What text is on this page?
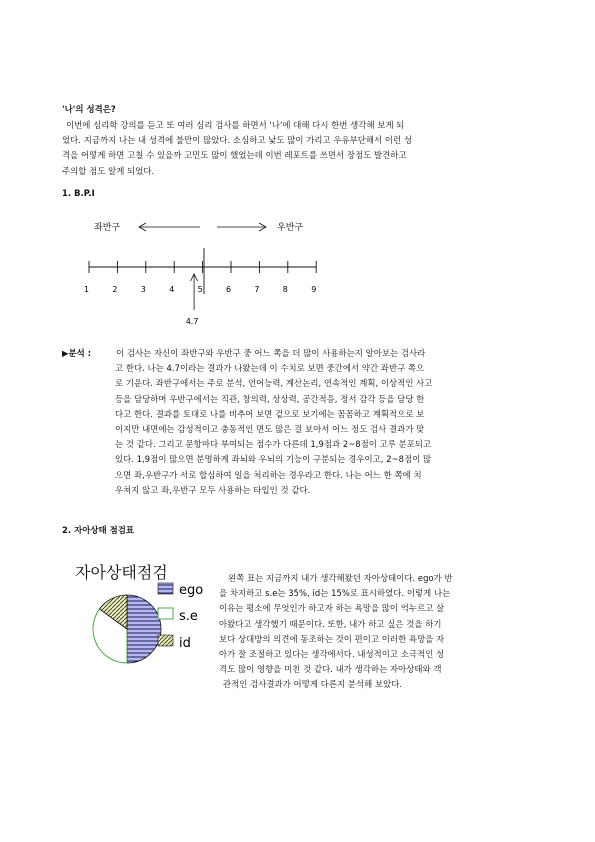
'나'의 성격은?
이번에 심리학 강의를 듣고 또 여러 심리 검사를 하면서 '나'에 대해 다시 한번 생각해 보게 되
었다. 지금까지 나는 내 성격에 불만이 많았다. 소심하고 낯도 많이 가리고 우유부단해서 이런 성
격을 어떻게 하면 고칠 수 있을까 고민도 많이 했었는데 이번 레포트를 쓰면서 장점도 발견하고
주의할 점도 알게 되었다.
1. B.P.I
좌반구	우반구
1	2	3	4	5	6	7	8	9
4.7
▶분석 :	이 검사는 자신이 좌반구와 우반구 중 어느 쪽을 더 많이 사용하는지 알아보는 검사라
고 한다. 나는 4.7이라는 결과가 나왔는데 이 수치로 보면 중간에서 약간 좌반구 쪽으
로 기운다. 좌반구에서는 주로 분석, 언어능력, 계산논리, 연속적인 계획, 이상적인 사고
등을 담당하며 우반구에서는 직관, 창의력, 상상력, 공간적응, 정서 감각 등을 담당 한
다고 한다. 결과를 토대로 나를 비추어 보면 겉으로 보기에는 꼼꼼하고 계획적으로 보
이지만 내면에는 감성적이고 충동적인 면도 많은 걸 보아서 어느 정도 검사 결과가 맞
는 것 같다. 그리고 문항마다 부여되는 점수가 다른데 1,9점과 2~8점이 고루 분포되고
있다. 1,9점이 많으면 분명하게 좌뇌와 우뇌의 기능이 구분되는 경우이고, 2~8점이 많
으면 좌,우반구가 서로 합심하여 일을 처리하는 경우라고 한다. 나는 어느 한 쪽에 치
우쳐지 않고 좌,우반구 모두 사용하는 타입인 것 같다.
2. 자아상태 점검표
자아상태점검
ego
s.e
id
왼쪽 표는 지금까지 내가 생각해왔던 자아상태이다. ego가 반
을 차지하고 s.e는 35%, id는 15%로 표시하였다. 이렇게 나는
이유는 평소에 무엇인가 하고자 하는 욕망을 많이 억누르고 살
아왔다고 생각했기 때문이다. 또한, 내가 하고 싶은 것을 하기
보다 상대방의 의견에 동조하는 것이 편이고 이러한 욕망을 자
아가 잘 조절하고 있다는 생각에서다. 내성적이고 소극적인 성
격도 많이 영향을 미친 것 같다. 내가 생각하는 자아상태와 객
관적인 검사결과가 어떻게 다른지 분석해 보았다.
